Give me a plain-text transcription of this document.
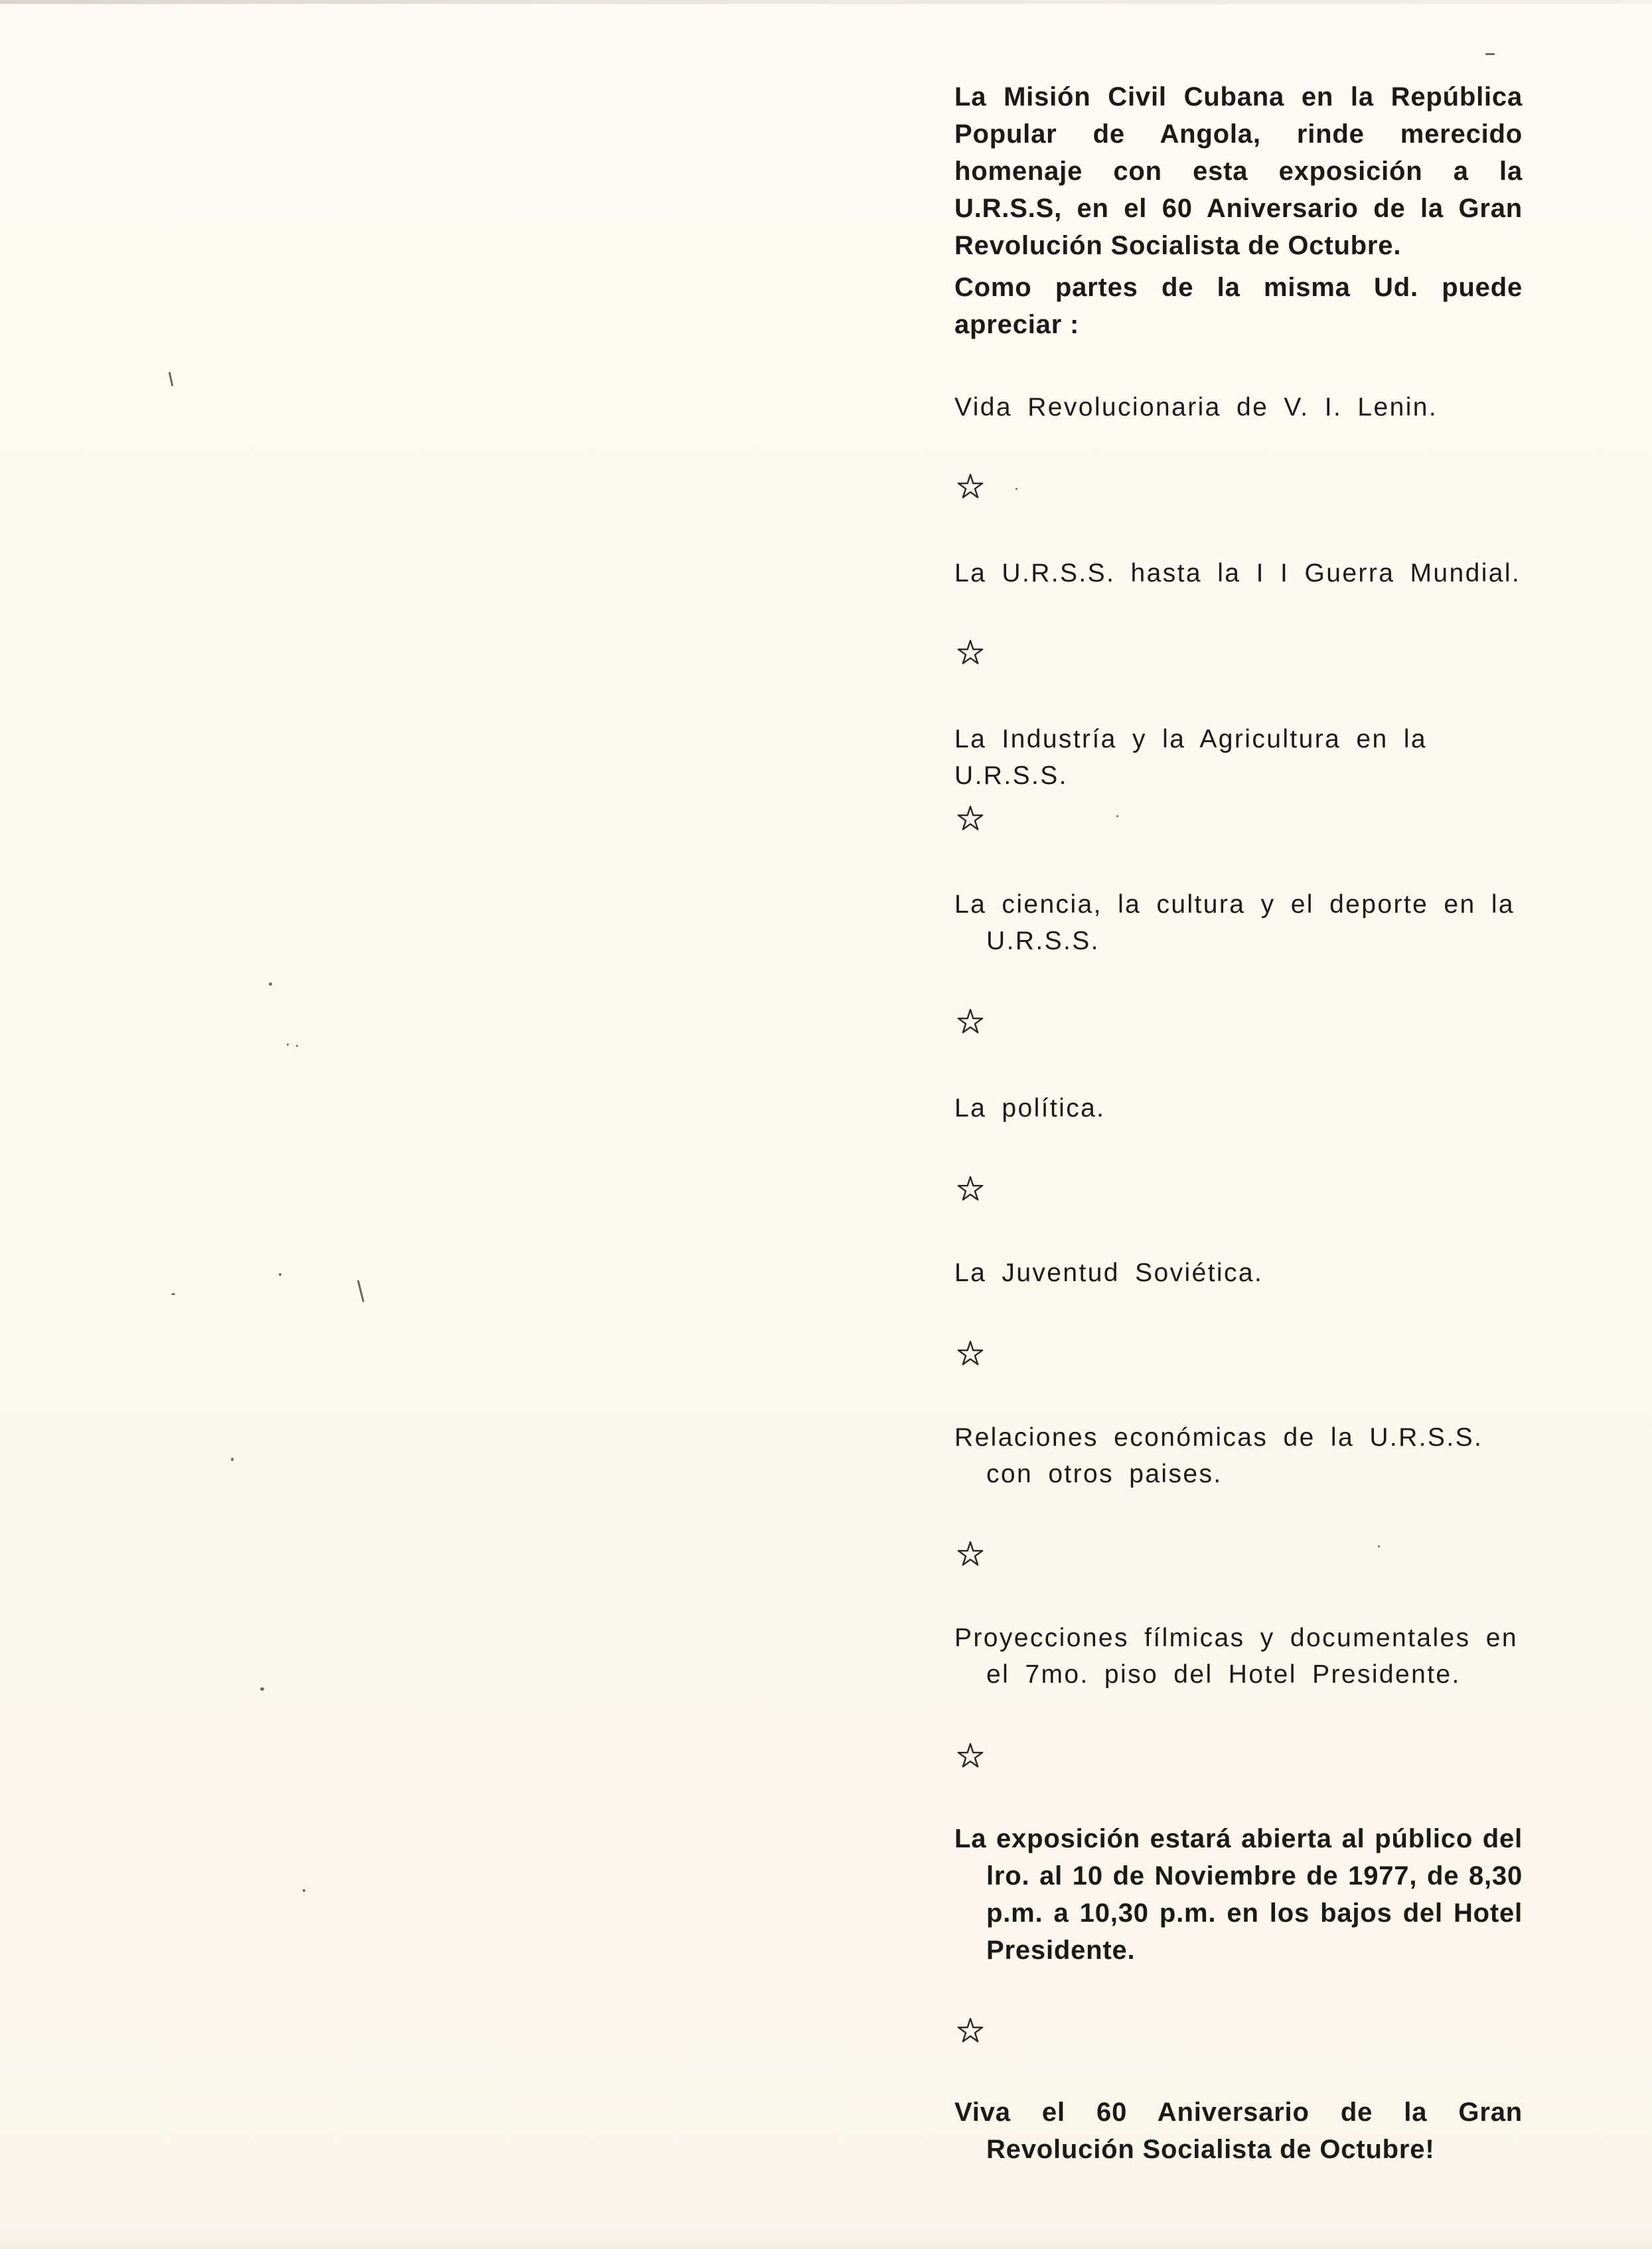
La Misión Civil Cubana en la República Popular de Angola, rinde merecido homenaje con esta exposición a la U.R.S.S, en el 60 Aniversario de la Gran Revolución Socialista de Octubre.

Como partes de la misma Ud. puede apreciar :

Vida Revolucionaria de V. I. Lenin.

La U.R.S.S. hasta la I I Guerra Mundial.

La Industría y la Agricultura en la U.R.S.S.

La ciencia, la cultura y el deporte en la U.R.S.S.

La política.

La Juventud Soviética.

Relaciones económicas de la U.R.S.S. con otros paises.

Proyecciones fílmicas y documentales en el 7mo. piso del Hotel Presidente.

La exposición estará abierta al público del lro. al 10 de Noviembre de 1977, de 8,30 p.m. a 10,30 p.m. en los bajos del Hotel Presidente.

Viva el 60 Aniversario de la Gran Revolución Socialista de Octubre!
